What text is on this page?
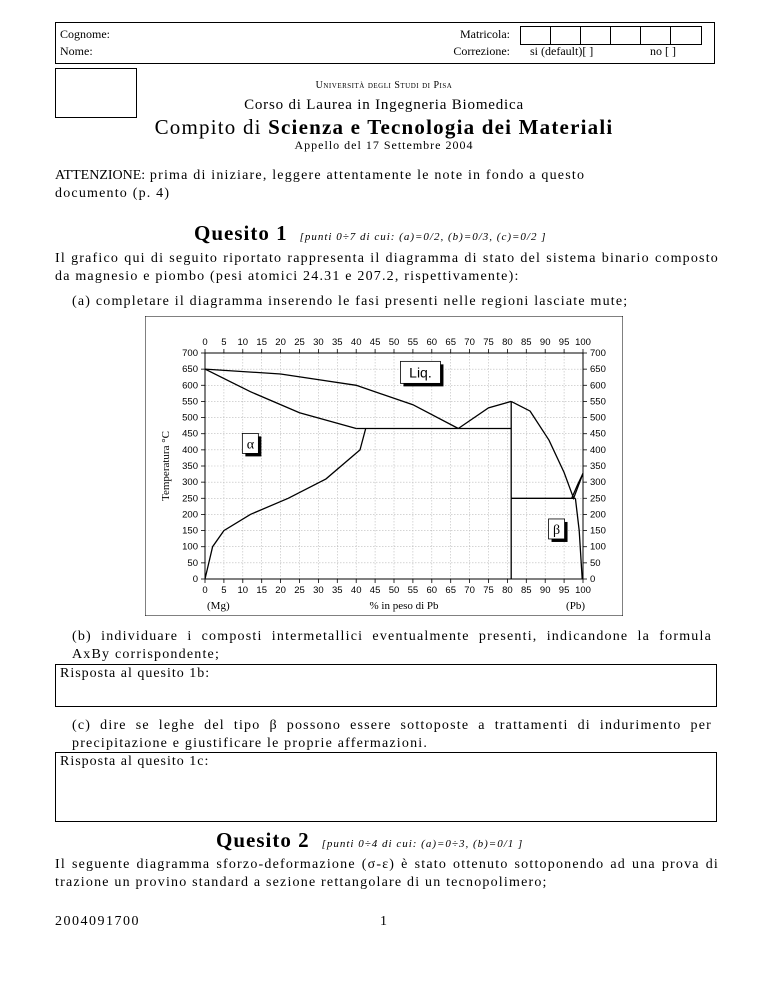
Cognome:
Nome:
Matricola:
Correzione: si (default)[ ]	no [ ]
Università degli Studi di Pisa
Corso di Laurea in Ingegneria Biomedica
Compito di Scienza e Tecnologia dei Materiali
Appello del 17 Settembre 2004
ATTENZIONE: prima di iniziare, leggere attentamente le note in fondo a questo documento (p. 4)
Quesito 1 [punti 0÷7 di cui: (a)=0/2, (b)=0/3, (c)=0/2 ]
Il grafico qui di seguito riportato rappresenta il diagramma di stato del sistema binario composto da magnesio e piombo (pesi atomici 24.31 e 207.2, rispettivamente):
(a) completare il diagramma inserendo le fasi presenti nelle regioni lasciate mute;
0
0
5
5
10
10
15
15
20
20
25
25
30
30
35
35
40
40
45
45
50
50
55
55
60
60
65
65
70
70
75
75
80
80
85
85
90
90
95
95
100
100
0	0
50	50
100	100
150	150
200	200
250	250
300	300
350	350
400	400
450	450
500	500
550	550
600	600
650	650
700	700
Temperatura °C
% in peso di Pb
(Mg)	(Pb)
Liq.
α
β
(b) individuare i composti intermetallici eventualmente presenti, indicandone la formula AxBy corrispondente;
Risposta al quesito 1b:
(c) dire se leghe del tipo β possono essere sottoposte a trattamenti di indurimento per precipitazione e giustificare le proprie affermazioni.
Risposta al quesito 1c:
Quesito 2 [punti 0÷4 di cui: (a)=0÷3, (b)=0/1 ]
Il seguente diagramma sforzo-deformazione (σ-ε) è stato ottenuto sottoponendo ad una prova di trazione un provino standard a sezione rettangolare di un tecnopolimero;
2004091700	1
